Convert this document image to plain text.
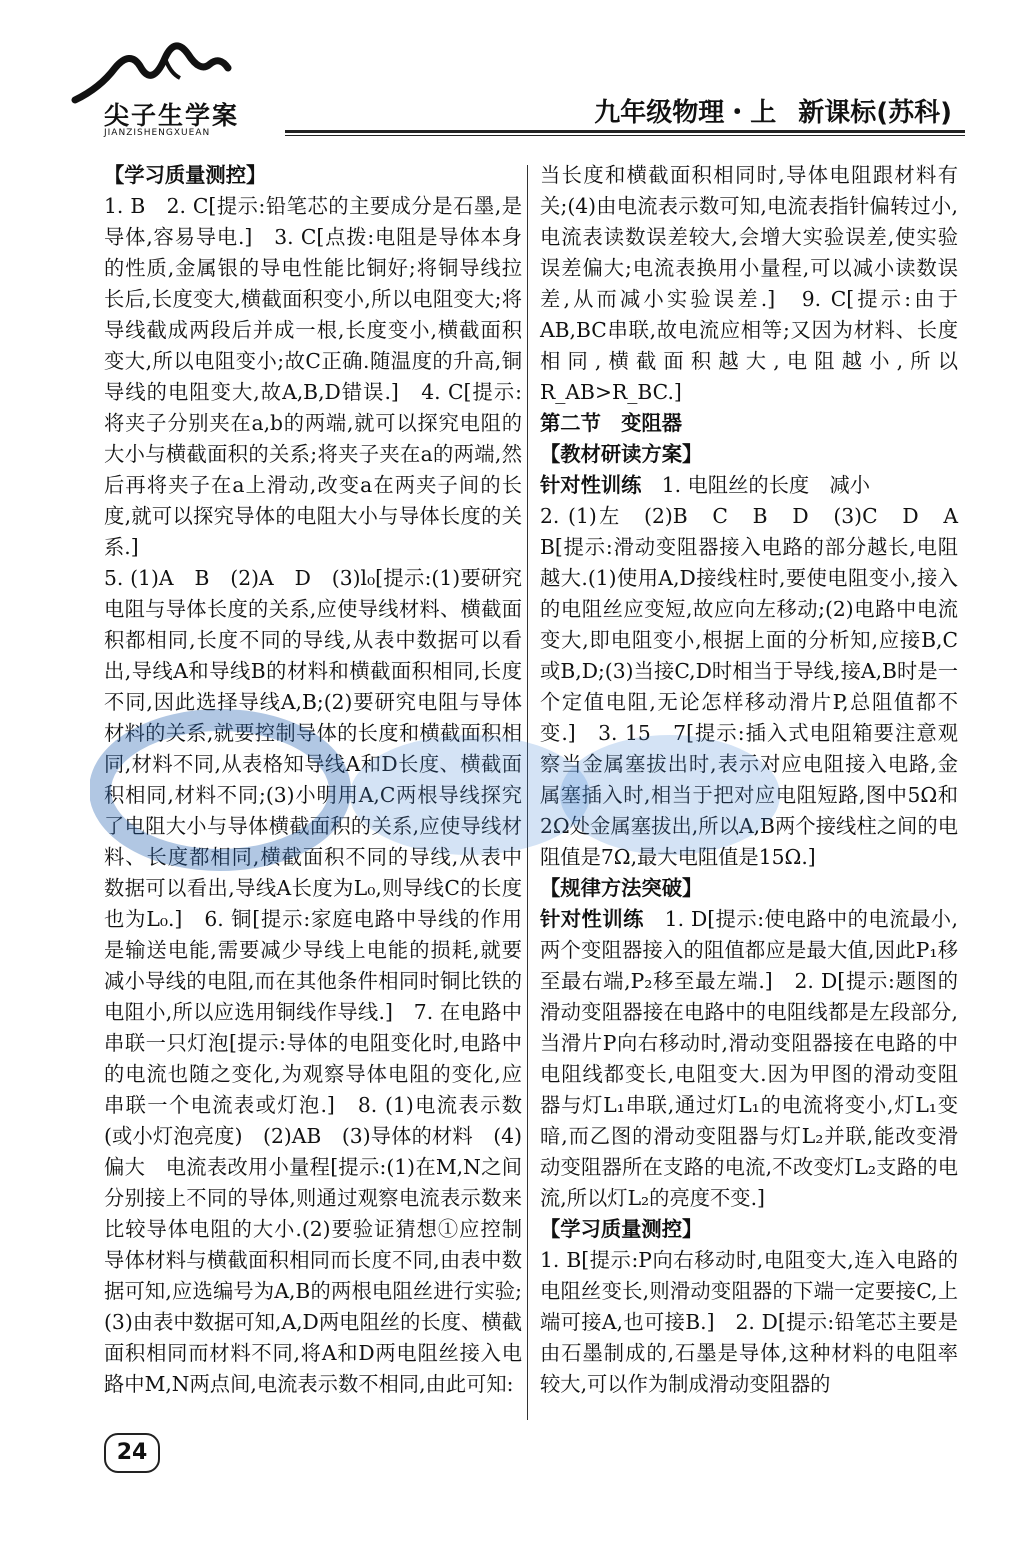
尖子生学案
JIANZISHENGXUEAN
九年级物理・上 新课标(苏科)

【学习质量测控】

1. B　2. C[提示:铅笔芯的主要成分是石墨,是导体,容易导电.]　3. C[点拨:电阻是导体本身的性质,金属银的导电性能比铜好;将铜导线拉长后,长度变大,横截面积变小,所以电阻变大;将导线截成两段后并成一根,长度变小,横截面积变大,所以电阻变小;故C正确.随温度的升高,铜导线的电阻变大,故A,B,D错误.]　4. C[提示:将夹子分别夹在a,b的两端,就可以探究电阻的大小与横截面积的关系;将夹子夹在a的两端,然后再将夹子在a上滑动,改变a在两夹子间的长度,就可以探究导体的电阻大小与导体长度的关系.]

5. (1)A　B　(2)A　D　(3)l₀[提示:(1)要研究电阻与导体长度的关系,应使导线材料、横截面积都相同,长度不同的导线,从表中数据可以看出,导线A和导线B的材料和横截面积相同,长度不同,因此选择导线A,B;(2)要研究电阻与导体材料的关系,就要控制导体的长度和横截面积相同,材料不同,从表格知导线A和D长度、横截面积相同,材料不同;(3)小明用A,C两根导线探究了电阻大小与导体横截面积的关系,应使导线材料、长度都相同,横截面积不同的导线,从表中数据可以看出,导线A长度为L₀,则导线C的长度也为L₀.]　6. 铜[提示:家庭电路中导线的作用是输送电能,需要减少导线上电能的损耗,就要减小导线的电阻,而在其他条件相同时铜比铁的电阻小,所以应选用铜线作导线.]　7. 在电路中串联一只灯泡[提示:导体的电阻变化时,电路中的电流也随之变化,为观察导体电阻的变化,应串联一个电流表或灯泡.]　8. (1)电流表示数(或小灯泡亮度)　(2)AB　(3)导体的材料　(4)偏大　电流表改用小量程[提示:(1)在M,N之间分别接上不同的导体,则通过观察电流表示数来比较导体电阻的大小.(2)要验证猜想①应控制导体材料与横截面积相同而长度不同,由表中数据可知,应选编号为A,B的两根电阻丝进行实验;(3)由表中数据可知,A,D两电阻丝的长度、横截面积相同而材料不同,将A和D两电阻丝接入电路中M,N两点间,电流表示数不相同,由此可知:

当长度和横截面积相同时,导体电阻跟材料有关;(4)由电流表示数可知,电流表指针偏转过小,电流表读数误差较大,会增大实验误差,使实验误差偏大;电流表换用小量程,可以减小读数误差,从而减小实验误差.]　9. C[提示:由于AB,BC串联,故电流应相等;又因为材料、长度相同,横截面积越大,电阻越小,所以R_AB>R_BC.]

第二节　变阻器

【教材研读方案】

针对性训练　1. 电阻丝的长度　减小

2. (1)左　(2)B　C　B　D　(3)C　D　A　B[提示:滑动变阻器接入电路的部分越长,电阻越大.(1)使用A,D接线柱时,要使电阻变小,接入的电阻丝应变短,故应向左移动;(2)电路中电流变大,即电阻变小,根据上面的分析知,应接B,C或B,D;(3)当接C,D时相当于导线,接A,B时是一个定值电阻,无论怎样移动滑片P,总阻值都不变.]　3. 15　7[提示:插入式电阻箱要注意观察当金属塞拔出时,表示对应电阻接入电路,金属塞插入时,相当于把对应电阻短路,图中5Ω和2Ω处金属塞拔出,所以A,B两个接线柱之间的电阻值是7Ω,最大电阻值是15Ω.]

【规律方法突破】

针对性训练　1. D[提示:使电路中的电流最小,两个变阻器接入的阻值都应是最大值,因此P₁移至最右端,P₂移至最左端.]　2. D[提示:题图的滑动变阻器接在电路中的电阻线都是左段部分,当滑片P向右移动时,滑动变阻器接在电路的中电阻线都变长,电阻变大.因为甲图的滑动变阻器与灯L₁串联,通过灯L₁的电流将变小,灯L₁变暗,而乙图的滑动变阻器与灯L₂并联,能改变滑动变阻器所在支路的电流,不改变灯L₂支路的电流,所以灯L₂的亮度不变.]

【学习质量测控】

1. B[提示:P向右移动时,电阻变大,连入电路的电阻丝变长,则滑动变阻器的下端一定要接C,上端可接A,也可接B.]　2. D[提示:铅笔芯主要是由石墨制成的,石墨是导体,这种材料的电阻率较大,可以作为制成滑动变阻器的

24
